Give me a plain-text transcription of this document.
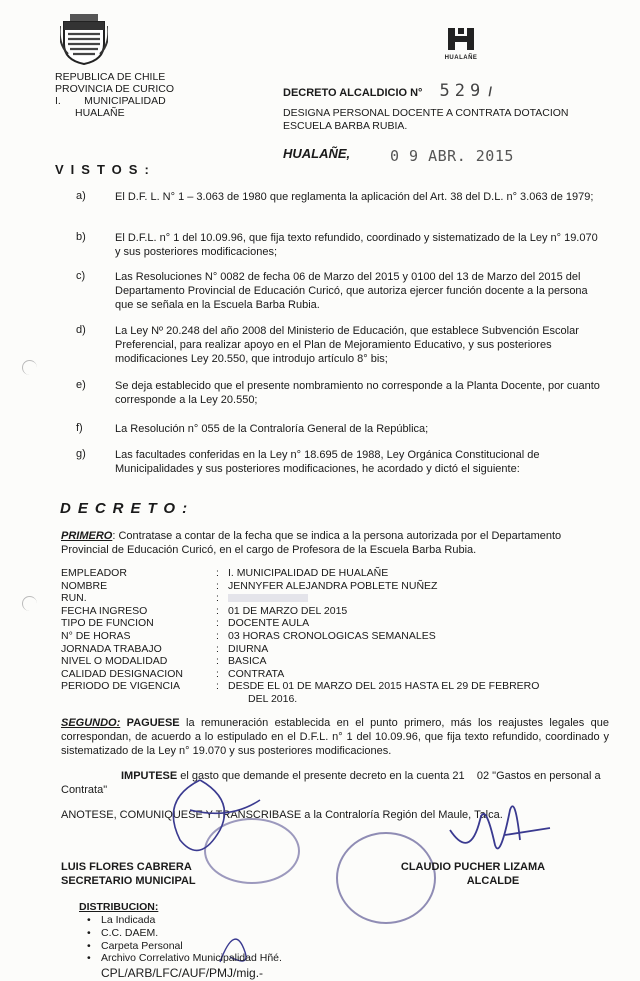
REPUBLICA DE CHILE
PROVINCIA DE CURICO
I.        MUNICIPALIDAD
HUALAÑE
HUALAÑE
DECRETO ALCALDICIO N° 529 /
DESIGNA PERSONAL DOCENTE A CONTRATA DOTACION ESCUELA BARBA RUBIA.
HUALAÑE,	0 9 ABR. 2015
VISTOS:
a)	El D.F. L. N° 1 – 3.063 de 1980 que reglamenta la aplicación del Art. 38 del D.L. n° 3.063 de 1979;
b)	El D.F.L. n° 1 del 10.09.96, que fija texto refundido, coordinado y sistematizado de la Ley n° 19.070 y sus posteriores modificaciones;
c)	Las Resoluciones N° 0082 de fecha 06 de Marzo del 2015 y 0100 del 13 de Marzo del 2015 del Departamento Provincial de Educación Curicó, que autoriza ejercer función docente a la persona que se señala en la Escuela Barba Rubia.
d)	La Ley Nº 20.248 del año 2008 del Ministerio de Educación, que establece Subvención Escolar Preferencial, para realizar apoyo en el Plan de Mejoramiento Educativo, y sus posteriores modificaciones Ley 20.550, que introdujo artículo 8° bis;
e)	Se deja establecido que el presente nombramiento no corresponde a la Planta Docente, por cuanto corresponde a la Ley 20.550;
f)	La Resolución n° 055 de la Contraloría General de la República;
g)	Las facultades conferidas en la Ley n° 18.695 de 1988, Ley Orgánica Constitucional de Municipalidades y sus posteriores modificaciones, he acordado y dictó el siguiente:
DECRETO:
PRIMERO: Contratase a contar de la fecha que se indica a la persona autorizada por el Departamento Provincial de Educación Curicó, en el cargo de Profesora de la Escuela Barba Rubia.
EMPLEADOR	:	I. MUNICIPALIDAD DE HUALAÑE
NOMBRE	:	JENNYFER ALEJANDRA POBLETE NUÑEZ
RUN.	:	
FECHA INGRESO	:	01 DE MARZO DEL 2015
TIPO DE FUNCION	:	DOCENTE AULA
N° DE HORAS	:	03 HORAS CRONOLOGICAS SEMANALES
JORNADA TRABAJO	:	DIURNA
NIVEL O MODALIDAD	:	BASICA
CALIDAD DESIGNACION	:	CONTRATA
PERIODO DE VIGENCIA	:	DESDE EL 01 DE MARZO DEL 2015 HASTA EL 29 DE FEBRERO
		DEL 2016.
SEGUNDO: PAGUESE la remuneración establecida en el punto primero, más los reajustes legales que correspondan, de acuerdo a lo estipulado en el D.F.L. n° 1 del 10.09.96, que fija texto refundido, coordinado y sistematizado de la Ley n° 19.070 y sus posteriores modificaciones.
IMPUTESE el gasto que demande el presente decreto en la cuenta 21    02 "Gastos en personal a Contrata"
ANOTESE, COMUNIQUESE Y TRANSCRIBASE a la Contraloría Región del Maule, Talca.
LUIS FLORES CABRERA
SECRETARIO MUNICIPAL
CLAUDIO PUCHER LIZAMA
ALCALDE
DISTRIBUCION:
• La Indicada
• C.C. DAEM.
• Carpeta Personal
• Archivo Correlativo Municipalidad Hñé.
CPL/ARB/LFC/AUF/PMJ/mig.-
